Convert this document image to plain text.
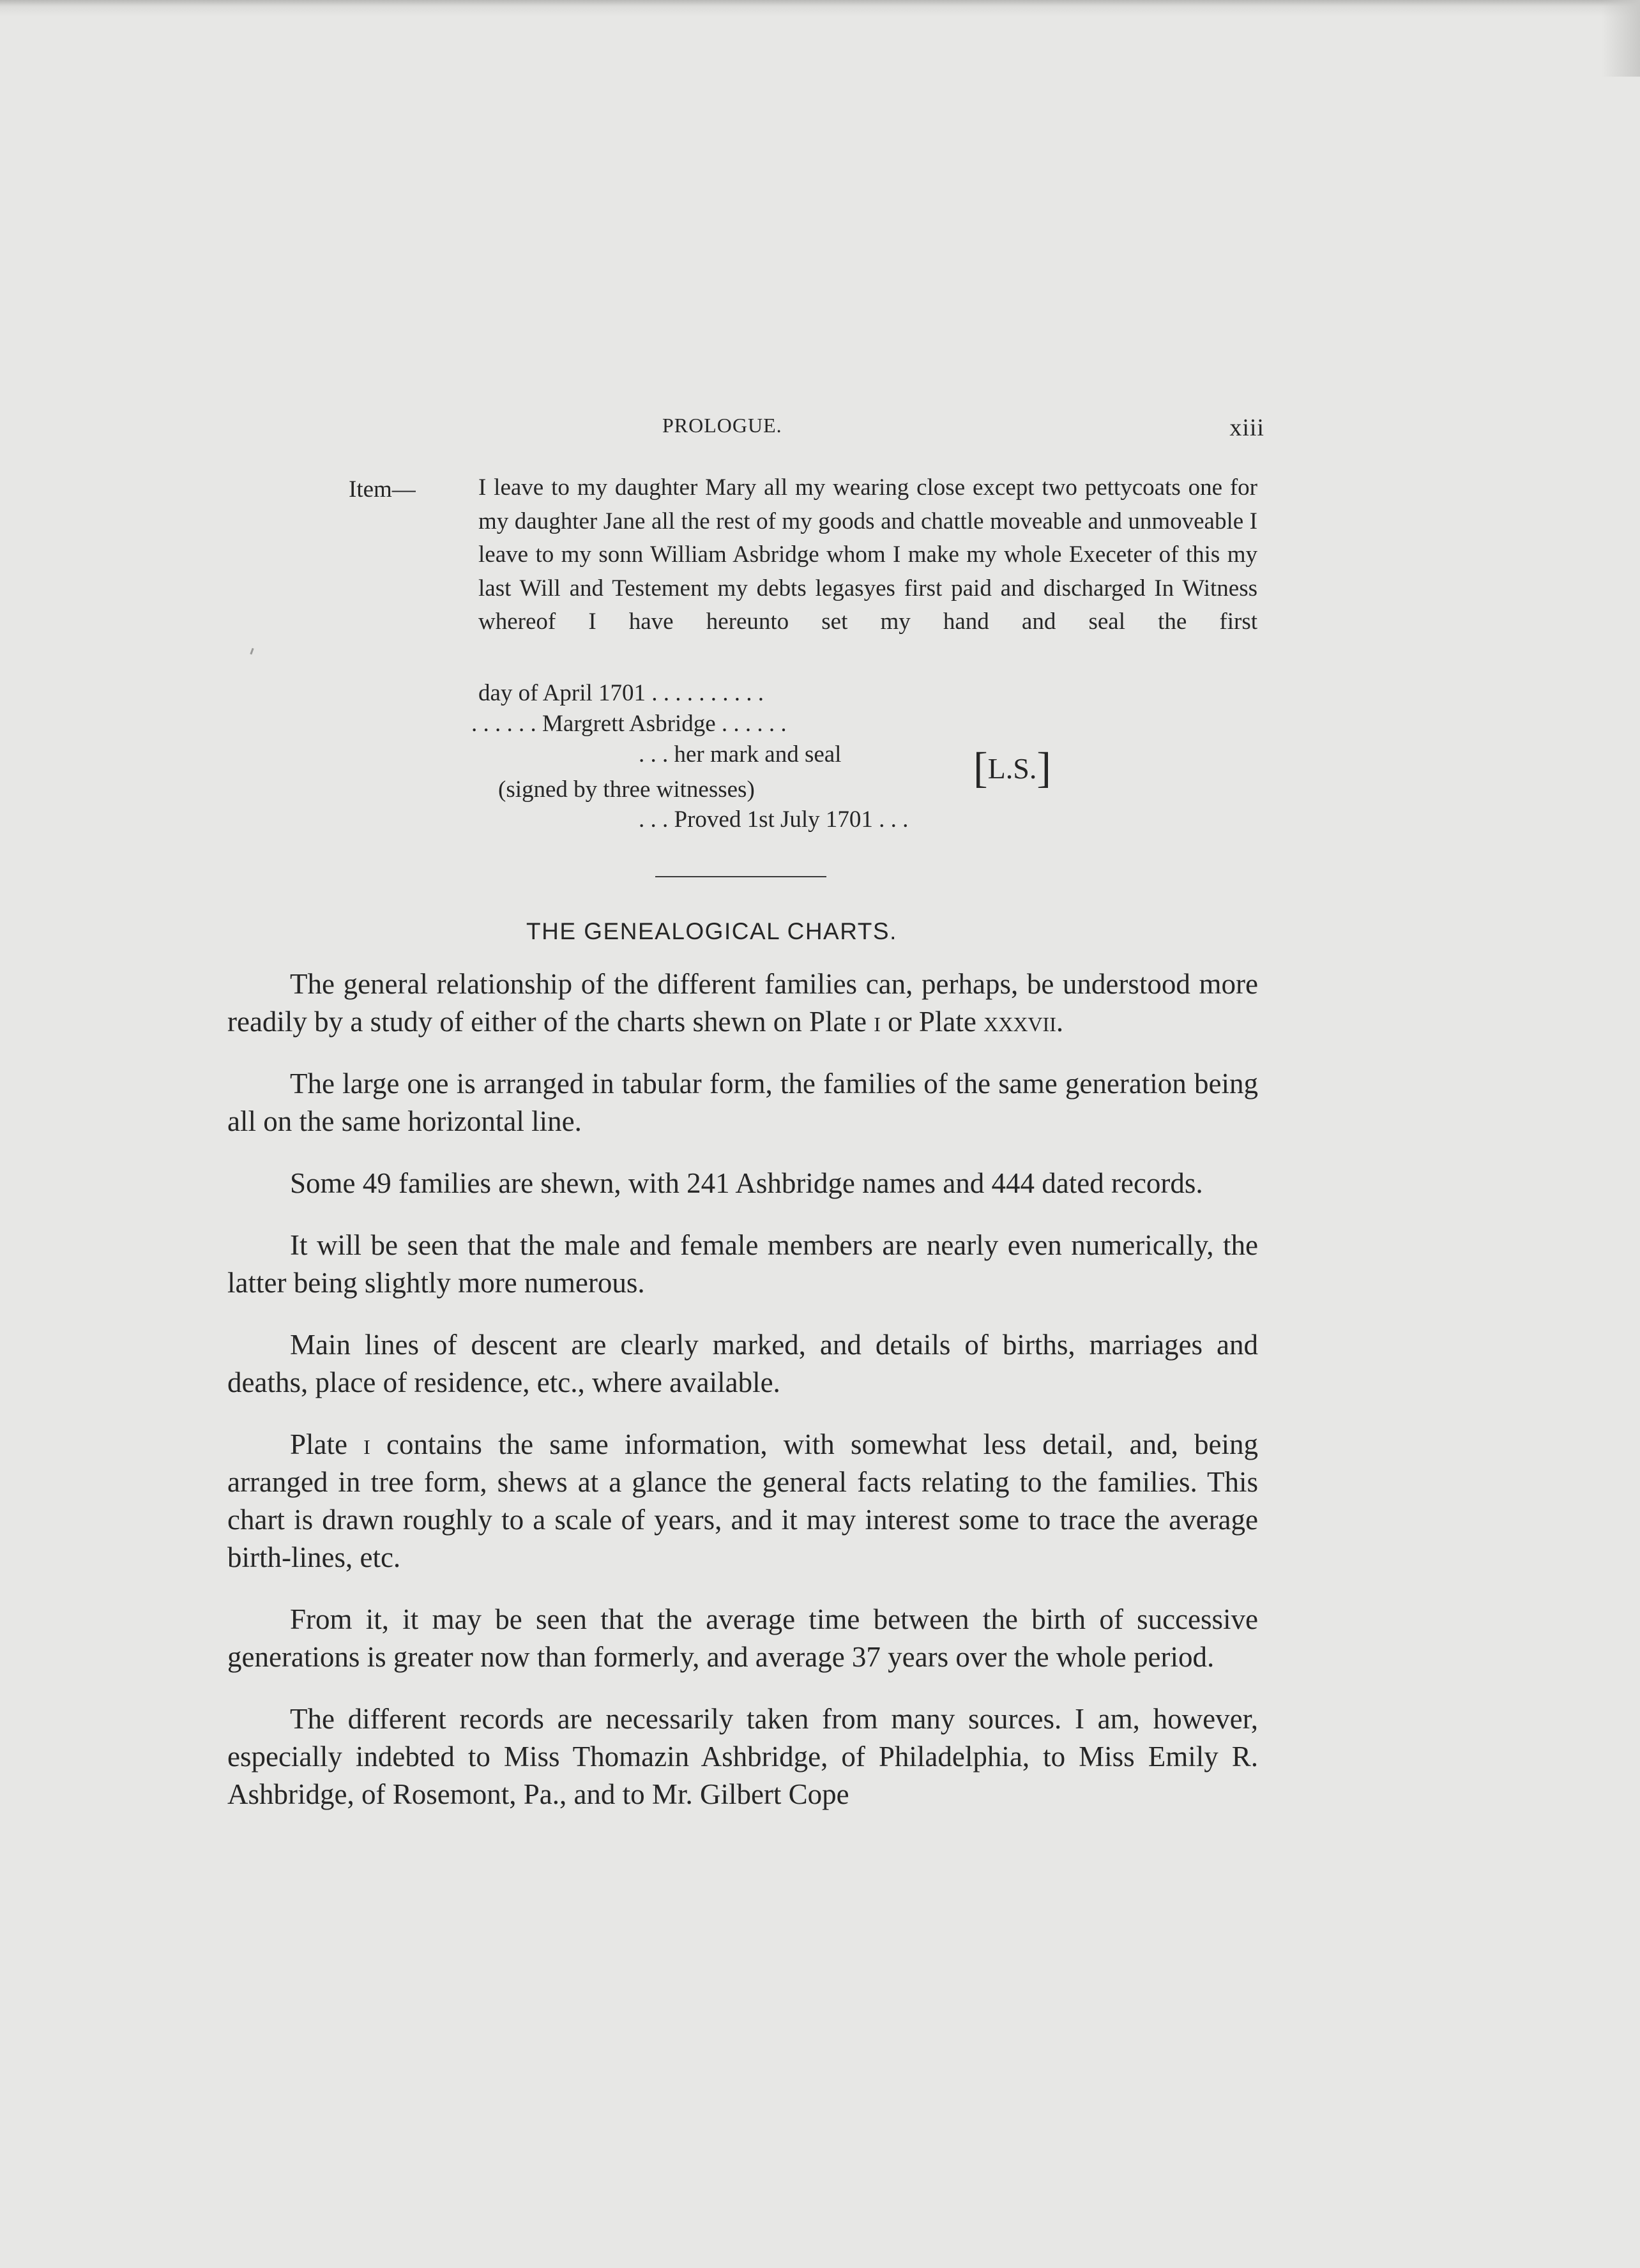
PROLOGUE.	xiii
Item—	I leave to my daughter Mary all my wearing close except two pettycoats one for my daughter Jane all the rest of my goods and chattle moveable and unmoveable I leave to my sonn William Asbridge whom I make my whole Execeter of this my last Will and Testement my debts legasyes first paid and discharged In Witness whereof I have hereunto set my hand and seal the first
day of April 1701 . . . . . . . . . .
. . . . . . Margrett Asbridge . . . . . .
. . . her mark and seal	[L.S.]
(signed by three witnesses)
. . . Proved 1st July 1701 . . .
THE GENEALOGICAL CHARTS.

The general relationship of the different families can, perhaps, be understood more readily by a study of either of the charts shewn on Plate i or Plate xxxvii.

The large one is arranged in tabular form, the families of the same generation being all on the same horizontal line.

Some 49 families are shewn, with 241 Ashbridge names and 444 dated records.

It will be seen that the male and female members are nearly even numerically, the latter being slightly more numerous.

Main lines of descent are clearly marked, and details of births, marriages and deaths, place of residence, etc., where available.

Plate i contains the same information, with somewhat less detail, and, being arranged in tree form, shews at a glance the general facts relating to the families. This chart is drawn roughly to a scale of years, and it may interest some to trace the average birth-lines, etc.

From it, it may be seen that the average time between the birth of successive generations is greater now than formerly, and average 37 years over the whole period.

The different records are necessarily taken from many sources. I am, however, especially indebted to Miss Thomazin Ashbridge, of Philadelphia, to Miss Emily R. Ashbridge, of Rosemont, Pa., and to Mr. Gilbert Cope
